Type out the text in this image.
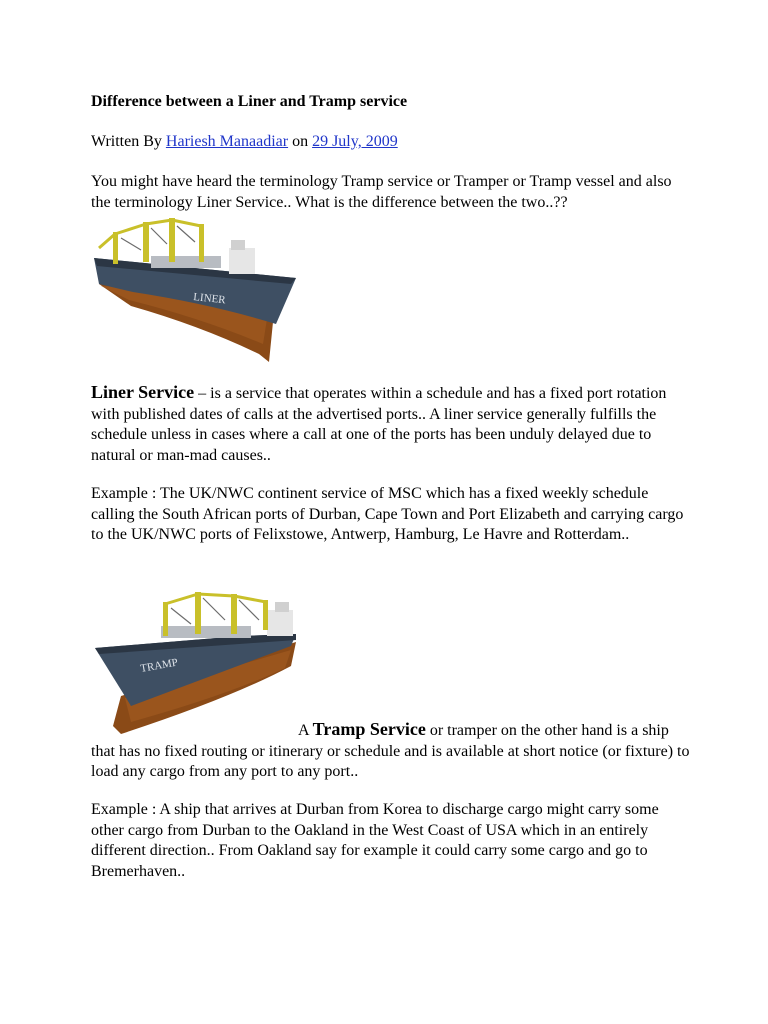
Difference between a Liner and Tramp service
Written By Hariesh Manaadiar on 29 July, 2009

You might have heard the terminology Tramp service or Tramper or Tramp vessel and also the terminology Liner Service.. What is the difference between the two..??

LINER

Liner Service – is a service that operates within a schedule and has a fixed port rotation with published dates of calls at the advertised ports.. A liner service generally fulfills the schedule unless in cases where a call at one of the ports has been unduly delayed due to natural or man-mad causes..

Example : The UK/NWC continent service of MSC which has a fixed weekly schedule calling the South African ports of Durban, Cape Town and Port Elizabeth and carrying cargo to the UK/NWC ports of Felixstowe, Antwerp, Hamburg, Le Havre and Rotterdam..

TRAMP

A Tramp Service or tramper on the other hand is a ship that has no fixed routing or itinerary or schedule and is available at short notice (or fixture) to load any cargo from any port to any port..

Example : A ship that arrives at Durban from Korea to discharge cargo might carry some other cargo from Durban to the Oakland in the West Coast of USA which in an entirely different direction.. From Oakland say for example it could carry some cargo and go to Bremerhaven..
